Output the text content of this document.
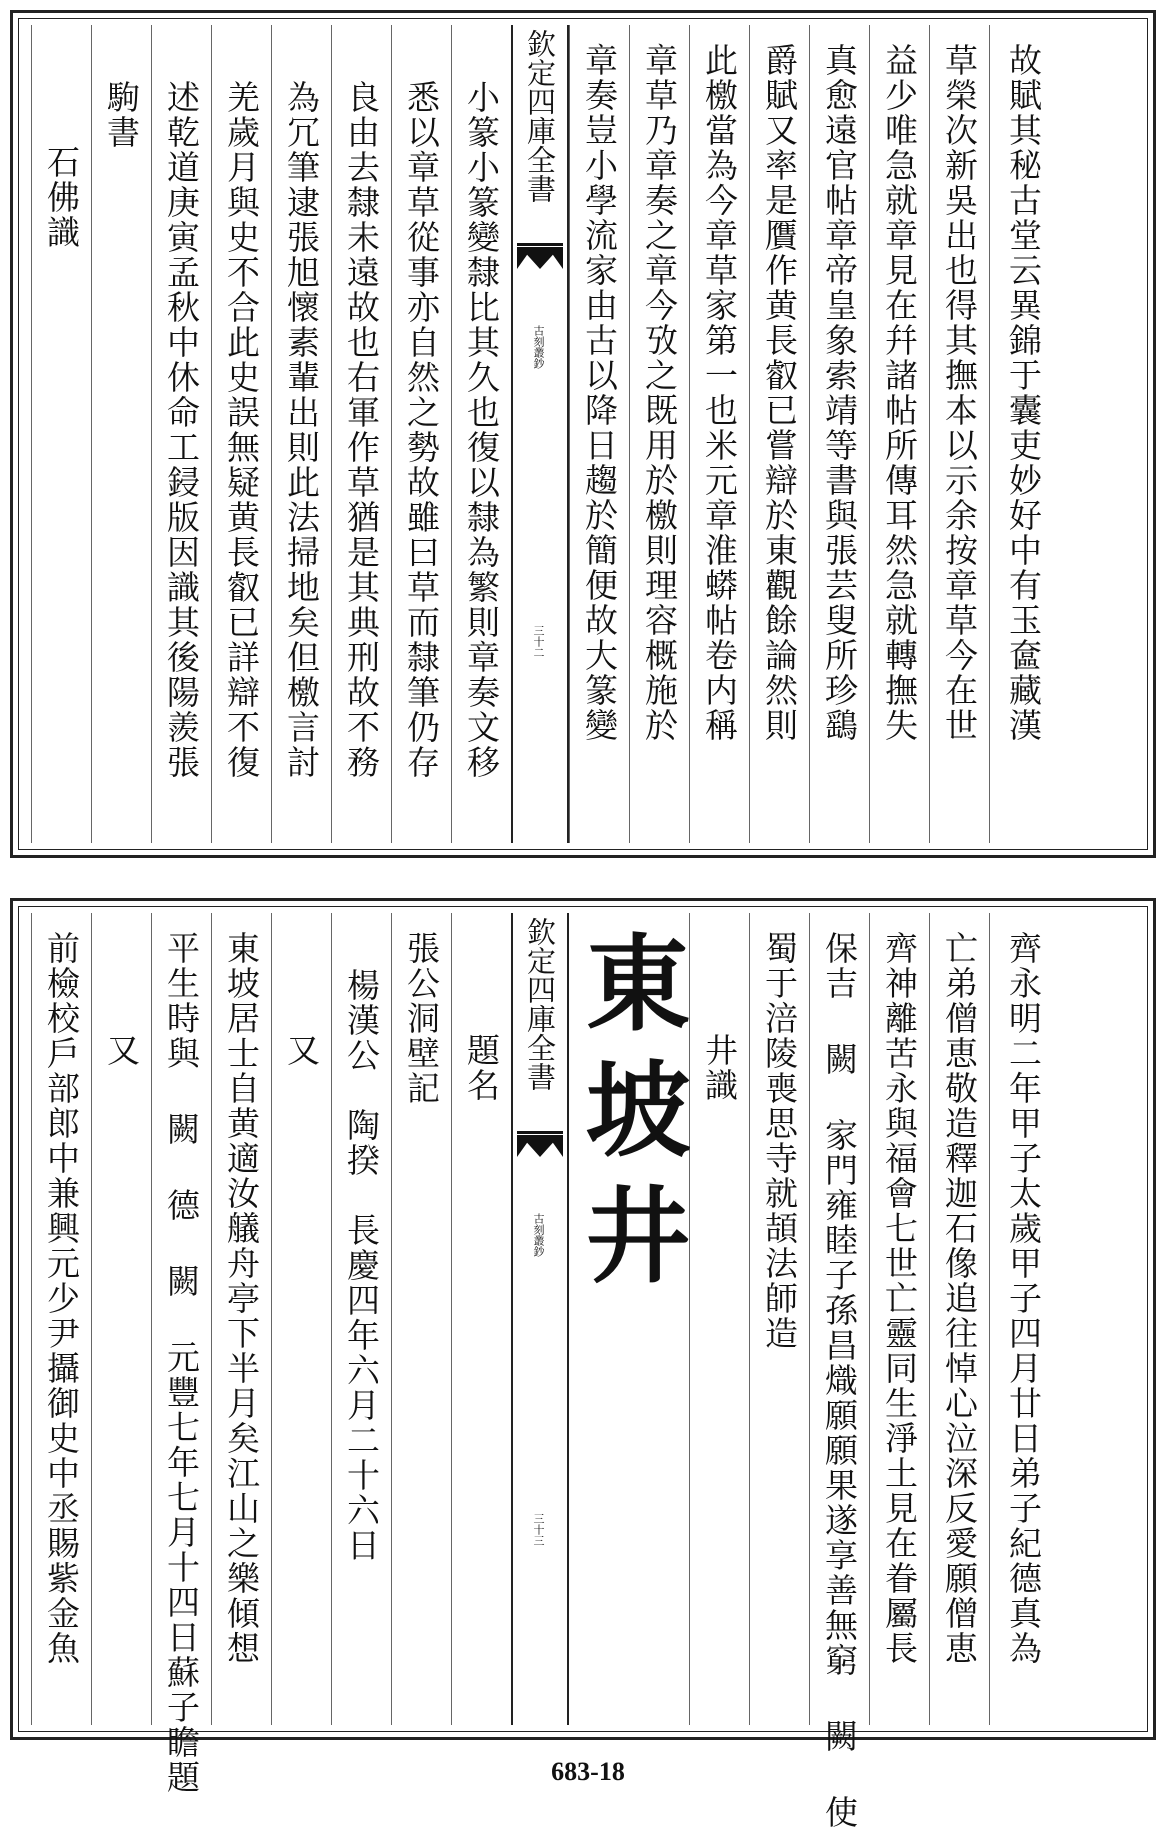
故賦其秘古堂云異錦于囊吏妙好中有玉奩藏漢
草榮次新吳出也得其撫本以示余按章草今在世
益少唯急就章見在幷諸帖所傳耳然急就轉撫失
真愈遠官帖章帝皇象索靖等書與張芸叟所珍鷂
爵賦又率是贋作黄長叡已嘗辯於東觀餘論然則
此檄當為今章草家第一也米元章淮蟒帖卷内稱
章草乃章奏之章今攷之既用於檄則理容概施於
章奏豈小學流家由古以降日趨於簡便故大篆變
欽定四庫全書
古刻叢鈔
三十二
小篆小篆變隸比其久也復以隸為繁則章奏文移
悉以章草從事亦自然之勢故雖曰草而隸筆仍存
良由去隸未遠故也右軍作草猶是其典刑故不務
為冗筆逮張旭懷素輩出則此法掃地矣但檄言討
羌歲月與史不合此史誤無疑黄長叡已詳辯不復
述乾道庚寅孟秋中休命工鋟版因識其後陽羨張
駒書
石佛識
齊永明二年甲子太歲甲子四月廿日弟子紀德真為
亡弟僧恵敬造釋迦石像追往悼心泣深反愛願僧恵
齊神離苦永與福會七世亡靈同生淨土見在眷屬長
保吉 闕 家門雍睦子孫昌熾願願果遂享善無窮 闕 使
蜀于涪陵喪思寺就頡法師造
井識
東坡井
欽定四庫全書
古刻叢鈔
三十三
題名
張公洞壁記
楊漢公　陶揆　長慶四年六月二十六日
又
東坡居士自黄適汝艤舟亭下半月矣江山之樂傾想
平生時與 闕 德 闕 元豐七年七月十四日蘇子瞻題
又
前檢校戶部郎中兼興元少尹攝御史中丞賜紫金魚
683-18
